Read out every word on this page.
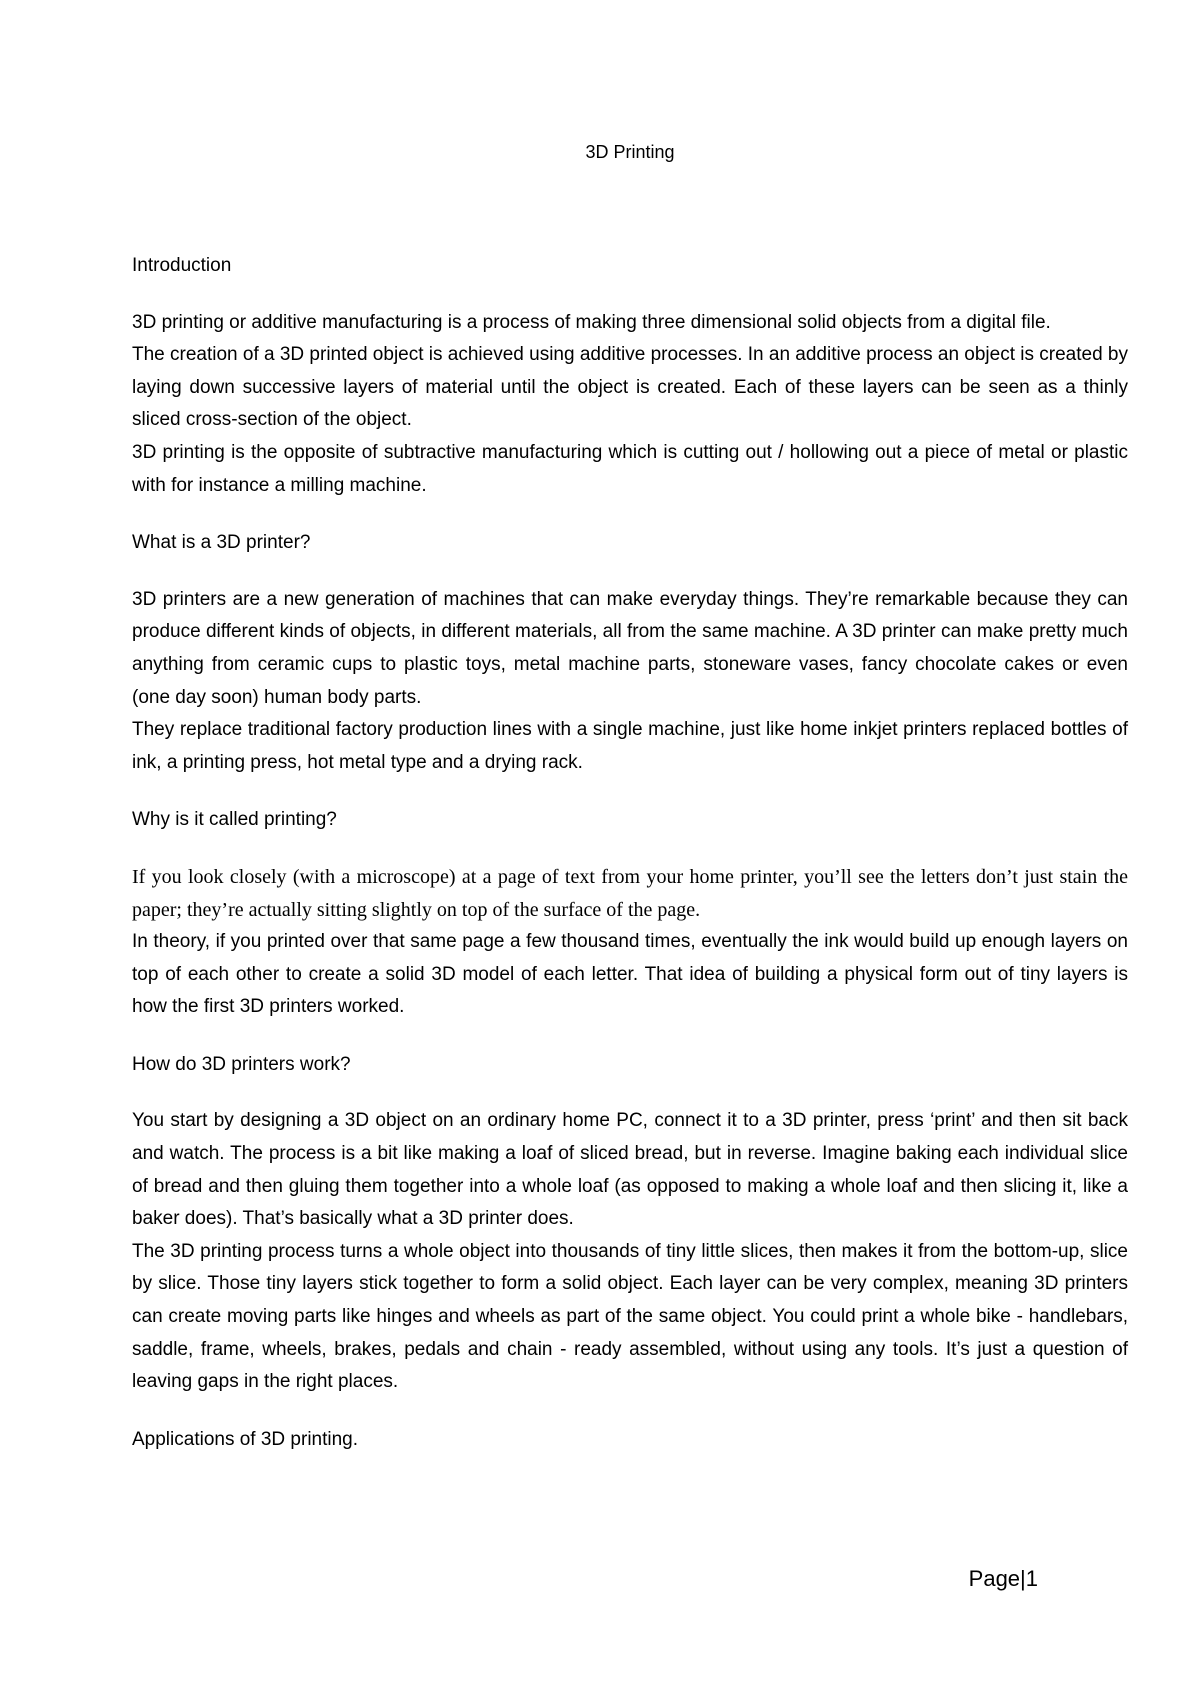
3D Printing
Introduction

3D printing or additive manufacturing is a process of making three dimensional solid objects from a digital file.

The creation of a 3D printed object is achieved using additive processes. In an additive process an object is created by laying down successive layers of material until the object is created. Each of these layers can be seen as a thinly sliced cross-section of the object.

3D printing is the opposite of subtractive manufacturing which is cutting out / hollowing out a piece of metal or plastic with for instance a milling machine.

What is a 3D printer?

3D printers are a new generation of machines that can make everyday things. They’re remarkable because they can produce different kinds of objects, in different materials, all from the same machine. A 3D printer can make pretty much anything from ceramic cups to plastic toys, metal machine parts, stoneware vases, fancy chocolate cakes or even (one day soon) human body parts.

They replace traditional factory production lines with a single machine, just like home inkjet printers replaced bottles of ink, a printing press, hot metal type and a drying rack.

Why is it called printing?

If you look closely (with a microscope) at a page of text from your home printer, you’ll see the letters don’t just stain the paper; they’re actually sitting slightly on top of the surface of the page.

In theory, if you printed over that same page a few thousand times, eventually the ink would build up enough layers on top of each other to create a solid 3D model of each letter. That idea of building a physical form out of tiny layers is how the first 3D printers worked.

How do 3D printers work?

You start by designing a 3D object on an ordinary home PC, connect it to a 3D printer, press ‘print’ and then sit back and watch. The process is a bit like making a loaf of sliced bread, but in reverse. Imagine baking each individual slice of bread and then gluing them together into a whole loaf (as opposed to making a whole loaf and then slicing it, like a baker does). That’s basically what a 3D printer does.

The 3D printing process turns a whole object into thousands of tiny little slices, then makes it from the bottom-up, slice by slice. Those tiny layers stick together to form a solid object. Each layer can be very complex, meaning 3D printers can create moving parts like hinges and wheels as part of the same object. You could print a whole bike - handlebars, saddle, frame, wheels, brakes, pedals and chain - ready assembled, without using any tools. It’s just a question of leaving gaps in the right places.

Applications of 3D printing.
Page|1
